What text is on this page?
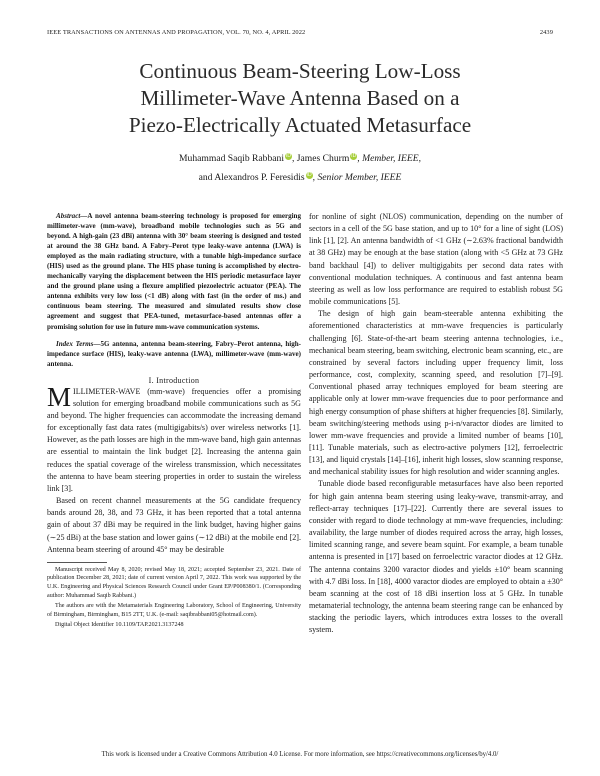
IEEE TRANSACTIONS ON ANTENNAS AND PROPAGATION, VOL. 70, NO. 4, APRIL 2022	2439
Continuous Beam-Steering Low-Loss
Millimeter-Wave Antenna Based on a
Piezo-Electrically Actuated Metasurface
Muhammad Saqib Rabbani iD, James Churm iD, Member, IEEE,
and Alexandros P. Feresidis iD, Senior Member, IEEE

Abstract—A novel antenna beam-steering technology is proposed for emerging millimeter-wave (mm-wave), broadband mobile technologies such as 5G and beyond. A high-gain (23 dBi) antenna with 30° beam steering is designed and tested at around the 38 GHz band. A Fabry–Perot type leaky-wave antenna (LWA) is employed as the main radiating structure, with a tunable high-impedance surface (HIS) used as the ground plane. The HIS phase tuning is accomplished by electro-mechanically varying the displacement between the HIS periodic metasurface layer and the ground plane using a flexure amplified piezoelectric actuator (PEA). The antenna exhibits very low loss (<1 dB) along with fast (in the order of ms.) and continuous beam steering. The measured and simulated results show close agreement and suggest that PEA-tuned, metasurface-based antennas offer a promising solution for use in future mm-wave communication systems.

Index Terms—5G antenna, antenna beam-steering, Fabry–Perot antenna, high-impedance surface (HIS), leaky-wave antenna (LWA), millimeter-wave (mm-wave) antenna.

I. Introduction

MILLIMETER-WAVE (mm-wave) frequencies offer a promising solution for emerging broadband mobile communications such as 5G and beyond. The higher frequencies can accommodate the increasing demand for exceptionally fast data rates (multigigabits/s) over wireless networks [1]. However, as the path losses are high in the mm-wave band, high gain antennas are essential to maintain the link budget [2]. Increasing the antenna gain reduces the spatial coverage of the wireless transmission, which necessitates the antenna to have beam steering properties in order to sustain the wireless link [3].

Based on recent channel measurements at the 5G candidate frequency bands around 28, 38, and 73 GHz, it has been reported that a total antenna gain of about 37 dBi may be required in the link budget, having higher gains (∼25 dBi) at the base station and lower gains (∼12 dBi) at the mobile end [2]. Antenna beam steering of around 45° may be desirable

Manuscript received May 8, 2020; revised May 18, 2021; accepted September 23, 2021. Date of publication December 28, 2021; date of current version April 7, 2022. This work was supported by the U.K. Engineering and Physical Sciences Research Council under Grant EP/P008380/1. (Corresponding author: Muhammad Saqib Rabbani.)

The authors are with the Metamaterials Engineering Laboratory, School of Engineering, University of Birmingham, Birmingham, B15 2TT, U.K. (e-mail: saqibrabbani05@hotmail.com).

Digital Object Identifier 10.1109/TAP.2021.3137248

for nonline of sight (NLOS) communication, depending on the number of sectors in a cell of the 5G base station, and up to 10° for a line of sight (LOS) link [1], [2]. An antenna bandwidth of <1 GHz (∼2.63% fractional bandwidth at 38 GHz) may be enough at the base station (along with <5 GHz at 73 GHz band backhaul [4]) to deliver multigigabits per second data rates with conventional modulation techniques. A continuous and fast antenna beam steering as well as low loss performance are required to establish robust 5G mobile communications [5].

The design of high gain beam-steerable antenna exhibiting the aforementioned characteristics at mm-wave frequencies is particularly challenging [6]. State-of-the-art beam steering antenna technologies, i.e., mechanical beam steering, beam switching, electronic beam scanning, etc., are constrained by several factors including upper frequency limit, loss performance, cost, complexity, scanning speed, and resolution [7]–[9]. Conventional phased array techniques employed for beam steering are applicable only at lower mm-wave frequencies due to poor performance and high energy consumption of phase shifters at higher frequencies [8]. Similarly, beam switching/steering methods using p-i-n/varactor diodes are limited to lower mm-wave frequencies and provide a limited number of beams [10], [11]. Tunable materials, such as electro-active polymers [12], ferroelectric [13], and liquid crystals [14]–[16], inherit high losses, slow scanning response, and mechanical stability issues for high resolution and wider scanning angles.

Tunable diode based reconfigurable metasurfaces have also been reported for high gain antenna beam steering using leaky-wave, transmit-array, and reflect-array techniques [17]–[22]. Currently there are several issues to consider with regard to diode technology at mm-wave frequencies, including: availability, the large number of diodes required across the array, high losses, limited scanning range, and severe beam squint. For example, a beam tunable antenna is presented in [17] based on ferroelectric varactor diodes at 12 GHz. The antenna contains 3200 varactor diodes and yields ±10° beam scanning with 4.7 dBi loss. In [18], 4000 varactor diodes are employed to obtain a ±30° beam scanning at the cost of 18 dBi insertion loss at 5 GHz. In tunable metamaterial technology, the antenna beam steering range can be enhanced by stacking the periodic layers, which introduces extra losses to the overall system.

This work is licensed under a Creative Commons Attribution 4.0 License. For more information, see https://creativecommons.org/licenses/by/4.0/
